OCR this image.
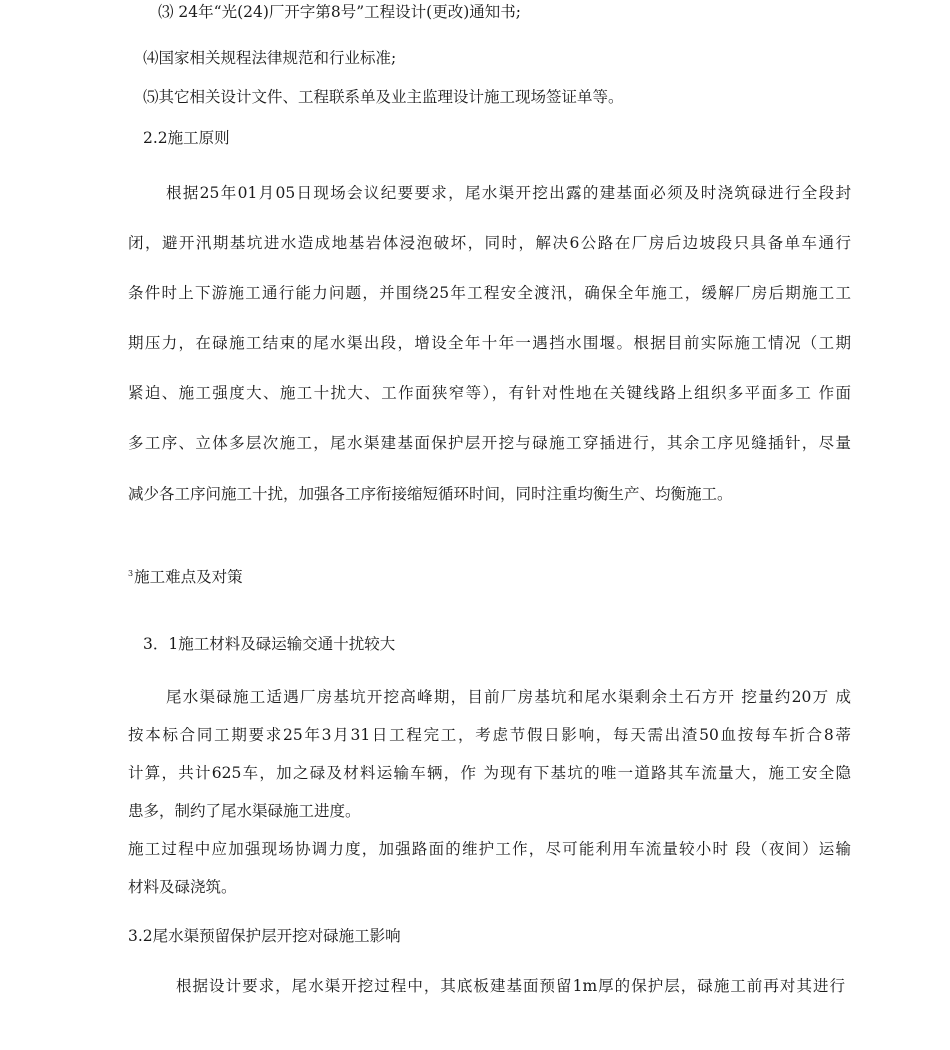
⑶ 24年“光(24)厂开字第8号”工程设计(更改)通知书;
⑷国家相关规程法律规范和行业标准;
⑸其它相关设计文件、工程联系单及业主监理设计施工现场签证单等。
2.2施工原则
根据25年01月05日现场会议纪要要求，尾水渠开挖出露的建基面必须及时浇筑碌进行全段封
闭，避开汛期基坑进水造成地基岩体浸泡破坏，同时，解决6公路在厂房后边坡段只具备单车通行
条件时上下游施工通行能力问题，并围绕25年工程安全渡汛，确保全年施工，缓解厂房后期施工工
期压力，在碌施工结束的尾水渠出段，增设全年十年一遇挡水围堰。根据目前实际施工情况（工期
紧迫、施工强度大、施工十扰大、工作面狭窄等），有针对性地在关键线路上组织多平面多工 作面
多工序、立体多层次施工，尾水渠建基面保护层开挖与碌施工穿插进行，其余工序见缝插针，尽量
减少各工序问施工十扰，加强各工序衔接缩短循环时间，同时注重均衡生产、均衡施工。
$^3$施工难点及对策
3．1施工材料及碌运输交通十扰较大
尾水渠碌施工适遇厂房基坑开挖高峰期，目前厂房基坑和尾水渠剩余土石方开 挖量约20万 成
按本标合同工期要求25年3月31日工程完工，考虑节假日影响，每天需出渣50血按每车折合8蒂
计算，共计625车，加之碌及材料运输车辆，作 为现有下基坑的唯一道路其车流量大，施工安全隐
患多，制约了尾水渠碌施工进度。
施工过程中应加强现场协调力度，加强路面的维护工作，尽可能利用车流量较小时 段（夜间）运输
材料及碌浇筑。
3.2尾水渠预留保护层开挖对碌施工影响
根据设计要求，尾水渠开挖过程中，其底板建基面预留1m厚的保护层，碌施工前再对其进行
